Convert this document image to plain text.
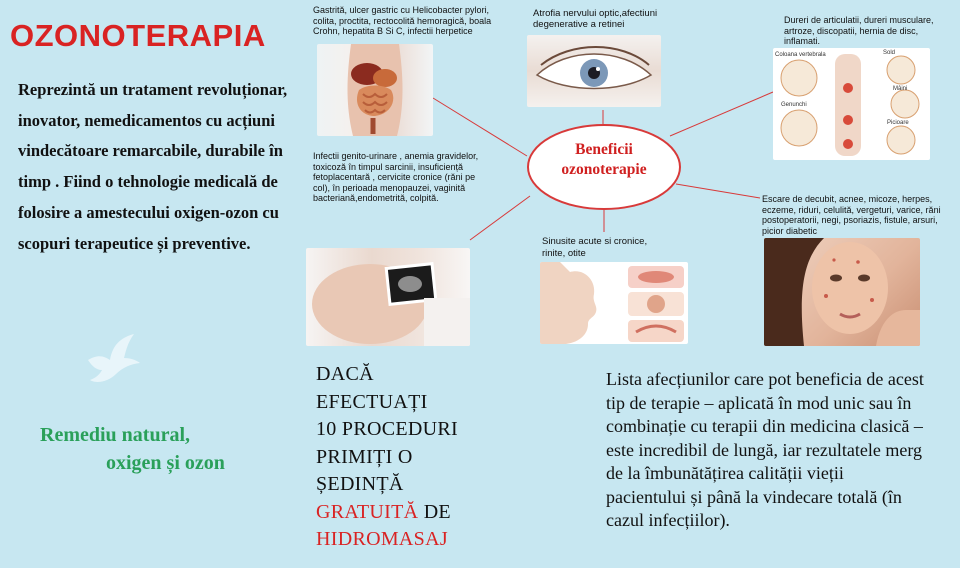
OZONOTERAPIA
Reprezintă un tratament revoluționar, inovator, nemedicamentos cu acțiuni vindecătoare remarcabile, durabile în timp . Fiind o tehnologie medicală de folosire a amestecului oxigen-ozon cu scopuri terapeutice și preventive.
Remediu natural,
oxigen și ozon
Beneficii
ozonoterapie
Gastrită, ulcer gastric cu Helicobacter pylori, colita, proctita, rectocolită hemoragică, boala Crohn, hepatita B Si C, infectii herpetice
Atrofia nervului optic,afectiuni degenerative a retinei	Dureri de articulatii, dureri musculare, artroze, discopatii, hernia de disc, inflamati.
Coloana vertebrala	Sold
Genunchi
Mâini
Picioare
Infectii genito-urinare , anemia gravidelor, toxicoză în timpul sarcinii, insuficiență fetoplacentară , cervicite cronice (răni pe col), în perioada menopauzei, vaginită bacteriană,endometrită, colpită.
Sinusite acute si cronice, rinite, otite
Escare de decubit, acnee, micoze, herpes, eczeme, riduri, celulită, vergeturi, varice, răni postoperatorii, negi, psoriazis, fistule, arsuri, picior diabetic
DACĂ
EFECTUAȚI
10 PROCEDURI
PRIMIȚI O
ȘEDINȚĂ
GRATUITĂ DE
HIDROMASAJ
Lista afecțiunilor care pot beneficia de acest tip de terapie – aplicată în mod unic sau în combinație cu terapii din medicina clasică – este incredibil de lungă, iar rezultatele merg de la îmbunătățirea calității vieții pacientului și până la vindecare totală (în cazul infecțiilor).
